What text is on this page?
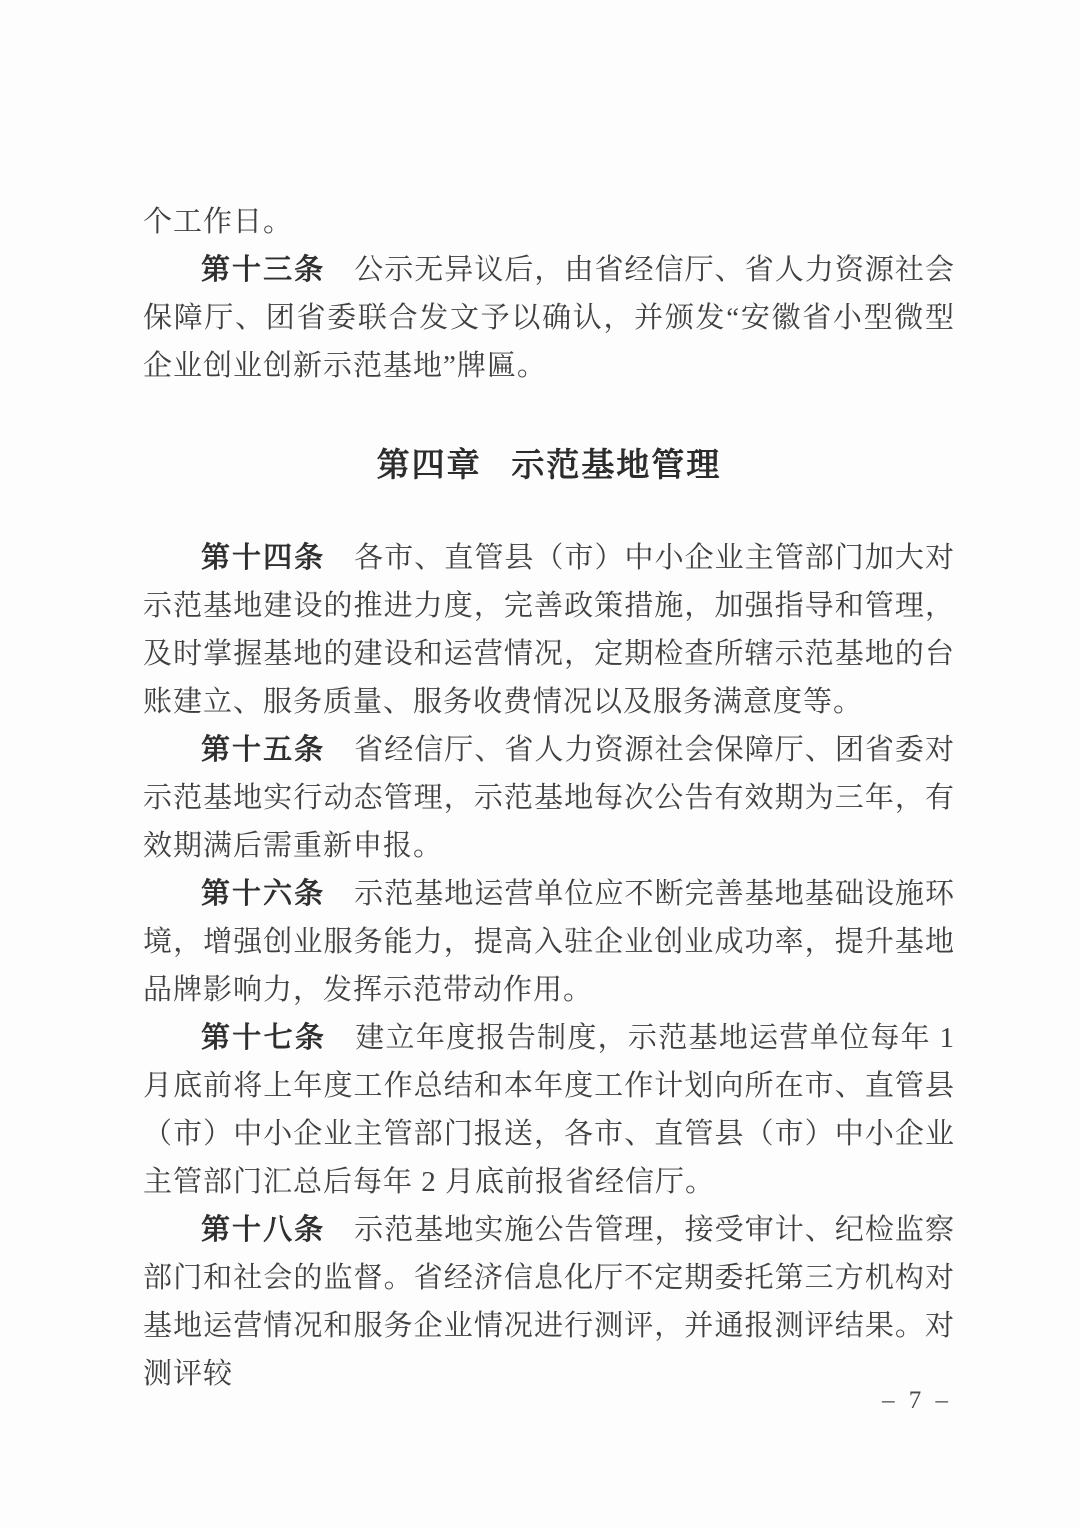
个工作日。

第十三条 公示无异议后，由省经信厅、省人力资源社会保障厅、团省委联合发文予以确认，并颁发“安徽省小型微型企业创业创新示范基地”牌匾。

第四章 示范基地管理

第十四条 各市、直管县（市）中小企业主管部门加大对示范基地建设的推进力度，完善政策措施，加强指导和管理，及时掌握基地的建设和运营情况，定期检查所辖示范基地的台账建立、服务质量、服务收费情况以及服务满意度等。

第十五条 省经信厅、省人力资源社会保障厅、团省委对示范基地实行动态管理，示范基地每次公告有效期为三年，有效期满后需重新申报。

第十六条 示范基地运营单位应不断完善基地基础设施环境，增强创业服务能力，提高入驻企业创业成功率，提升基地品牌影响力，发挥示范带动作用。

第十七条 建立年度报告制度，示范基地运营单位每年 1 月底前将上年度工作总结和本年度工作计划向所在市、直管县（市）中小企业主管部门报送，各市、直管县（市）中小企业主管部门汇总后每年 2 月底前报省经信厅。

第十八条 示范基地实施公告管理，接受审计、纪检监察部门和社会的监督。省经济信息化厅不定期委托第三方机构对基地运营情况和服务企业情况进行测评，并通报测评结果。对测评较

– 7 –
